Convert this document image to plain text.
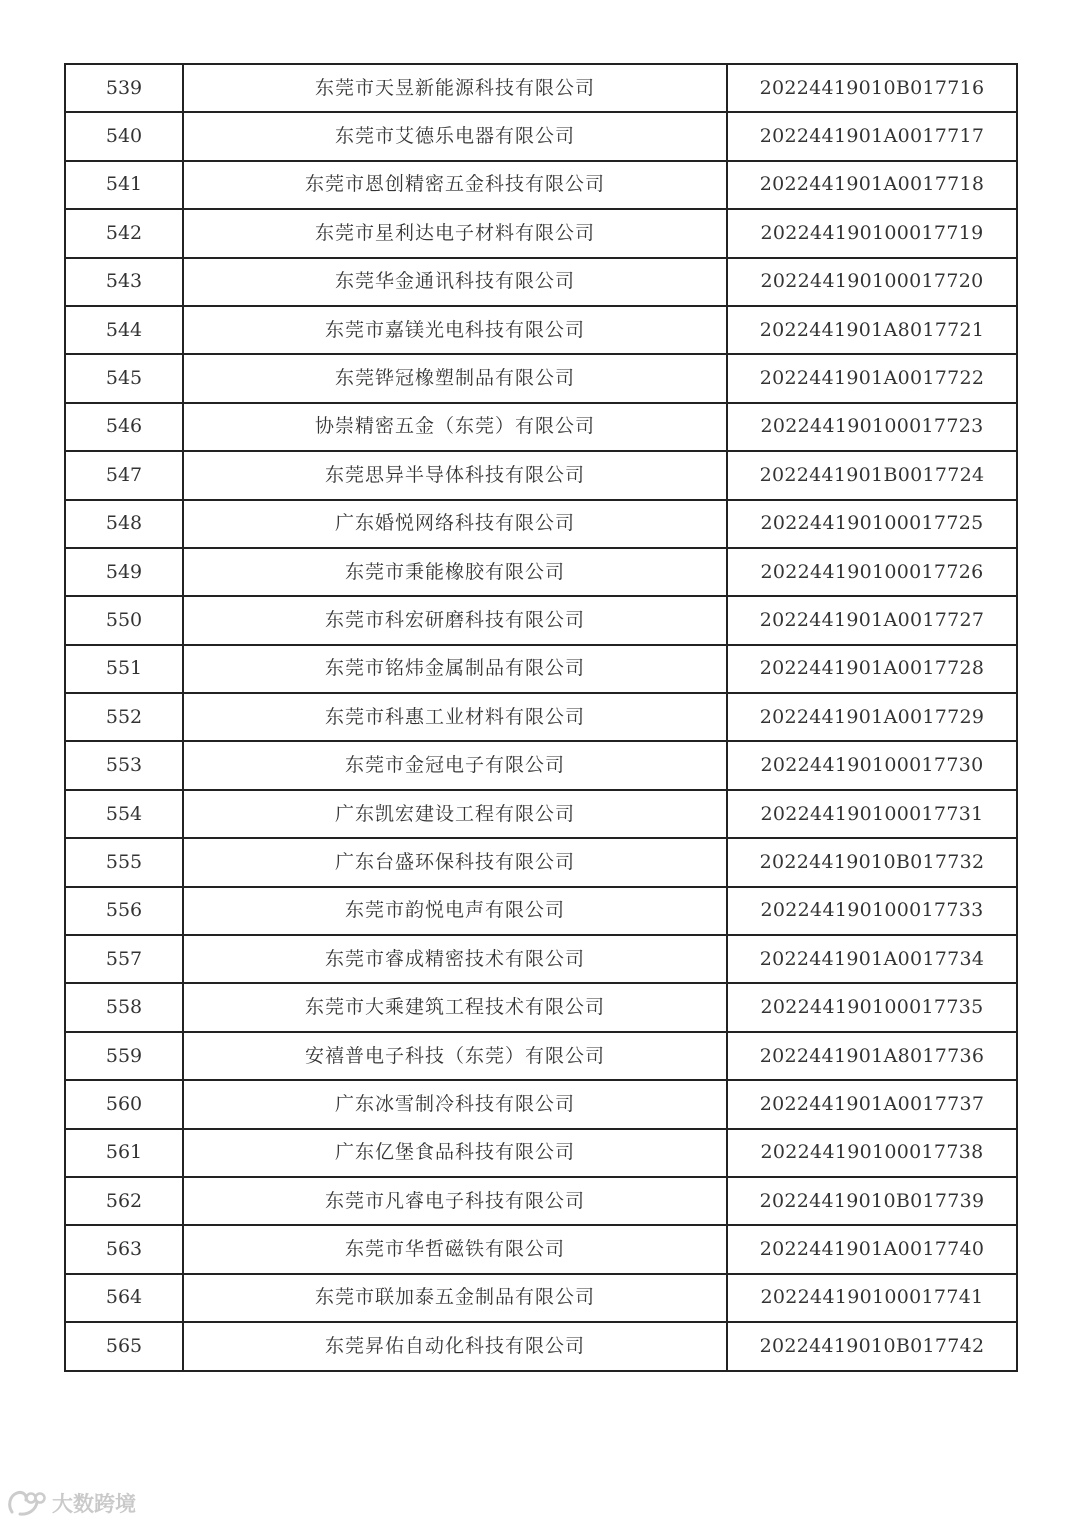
539	东莞市天昱新能源科技有限公司	20224419010B017716
540	东莞市艾德乐电器有限公司	2022441901A0017717
541	东莞市恩创精密五金科技有限公司	2022441901A0017718
542	东莞市星利达电子材料有限公司	202244190100017719
543	东莞华金通讯科技有限公司	202244190100017720
544	东莞市嘉镁光电科技有限公司	2022441901A8017721
545	东莞铧冠橡塑制品有限公司	2022441901A0017722
546	协崇精密五金（东莞）有限公司	202244190100017723
547	东莞思异半导体科技有限公司	2022441901B0017724
548	广东婚悦网络科技有限公司	202244190100017725
549	东莞市秉能橡胶有限公司	202244190100017726
550	东莞市科宏研磨科技有限公司	2022441901A0017727
551	东莞市铭炜金属制品有限公司	2022441901A0017728
552	东莞市科惠工业材料有限公司	2022441901A0017729
553	东莞市金冠电子有限公司	202244190100017730
554	广东凯宏建设工程有限公司	202244190100017731
555	广东台盛环保科技有限公司	20224419010B017732
556	东莞市韵悦电声有限公司	202244190100017733
557	东莞市睿成精密技术有限公司	2022441901A0017734
558	东莞市大乘建筑工程技术有限公司	202244190100017735
559	安禧普电子科技（东莞）有限公司	2022441901A8017736
560	广东冰雪制冷科技有限公司	2022441901A0017737
561	广东亿堡食品科技有限公司	202244190100017738
562	东莞市凡睿电子科技有限公司	20224419010B017739
563	东莞市华哲磁铁有限公司	2022441901A0017740
564	东莞市联加泰五金制品有限公司	202244190100017741
565	东莞昇佑自动化科技有限公司	20224419010B017742
大数跨境
